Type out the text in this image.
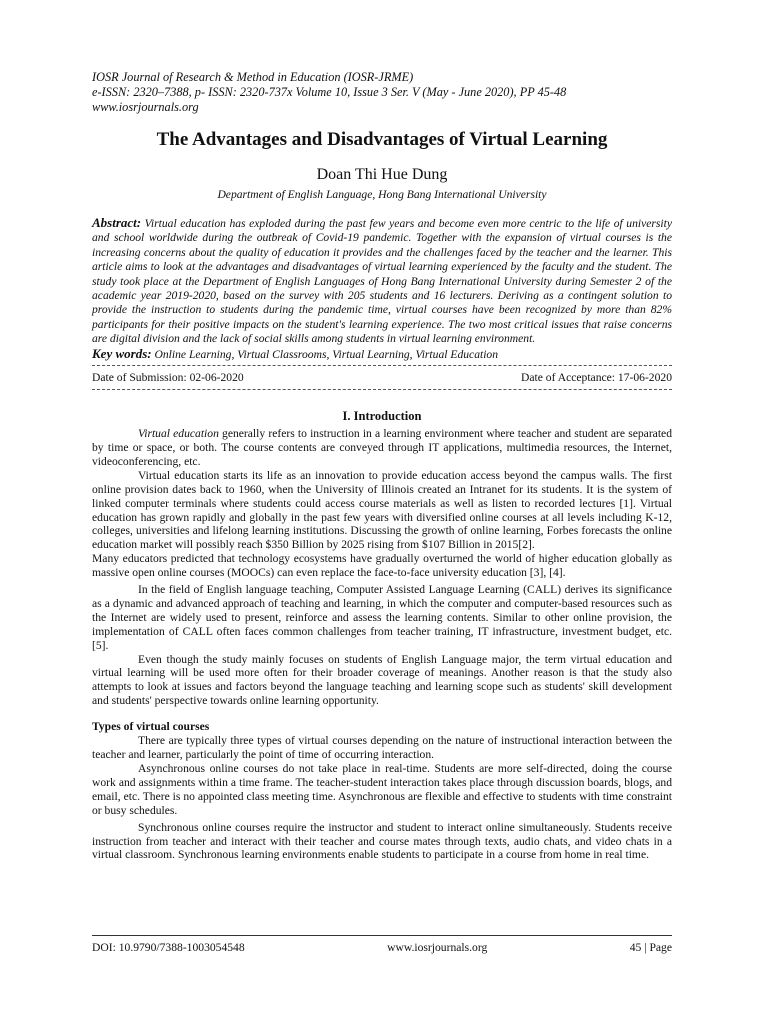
IOSR Journal of Research & Method in Education (IOSR-JRME)
e-ISSN: 2320–7388, p- ISSN: 2320-737x Volume 10, Issue 3 Ser. V (May - June 2020), PP 45-48
www.iosrjournals.org
The Advantages and Disadvantages of Virtual Learning
Doan Thi Hue Dung
Department of English Language, Hong Bang International University
Abstract: Virtual education has exploded during the past few years and become even more centric to the life of university and school worldwide during the outbreak of Covid-19 pandemic. Together with the expansion of virtual courses is the increasing concerns about the quality of education it provides and the challenges faced by the teacher and the learner. This article aims to look at the advantages and disadvantages of virtual learning experienced by the faculty and the student. The study took place at the Department of English Languages of Hong Bang International University during Semester 2 of the academic year 2019-2020, based on the survey with 205 students and 16 lecturers. Deriving as a contingent solution to provide the instruction to students during the pandemic time, virtual courses have been recognized by more than 82% participants for their positive impacts on the student's learning experience. The two most critical issues that raise concerns are digital division and the lack of social skills among students in virtual learning environment.
Key words: Online Learning, Virtual Classrooms, Virtual Learning, Virtual Education
Date of Submission: 02-06-2020	Date of Acceptance: 17-06-2020
I. Introduction

Virtual education generally refers to instruction in a learning environment where teacher and student are separated by time or space, or both. The course contents are conveyed through IT applications, multimedia resources, the Internet, videoconferencing, etc.

Virtual education starts its life as an innovation to provide education access beyond the campus walls. The first online provision dates back to 1960, when the University of Illinois created an Intranet for its students. It is the system of linked computer terminals where students could access course materials as well as listen to recorded lectures [1]. Virtual education has grown rapidly and globally in the past few years with diversified online courses at all levels including K-12, colleges, universities and lifelong learning institutions. Discussing the growth of online learning, Forbes forecasts the online education market will possibly reach $350 Billion by 2025 rising from $107 Billion in 2015[2].

Many educators predicted that technology ecosystems have gradually overturned the world of higher education globally as massive open online courses (MOOCs) can even replace the face-to-face university education [3], [4].

In the field of English language teaching, Computer Assisted Language Learning (CALL) derives its significance as a dynamic and advanced approach of teaching and learning, in which the computer and computer-based resources such as the Internet are widely used to present, reinforce and assess the learning contents. Similar to other online provision, the implementation of CALL often faces common challenges from teacher training, IT infrastructure, investment budget, etc. [5].

Even though the study mainly focuses on students of English Language major, the term virtual education and virtual learning will be used more often for their broader coverage of meanings. Another reason is that the study also attempts to look at issues and factors beyond the language teaching and learning scope such as students' skill development and students' perspective towards online learning opportunity.

Types of virtual courses

There are typically three types of virtual courses depending on the nature of instructional interaction between the teacher and learner, particularly the point of time of occurring interaction.

Asynchronous online courses do not take place in real-time. Students are more self-directed, doing the course work and assignments within a time frame. The teacher-student interaction takes place through discussion boards, blogs, and email, etc. There is no appointed class meeting time. Asynchronous are flexible and effective to students with time constraint or busy schedules.

Synchronous online courses require the instructor and student to interact online simultaneously. Students receive instruction from teacher and interact with their teacher and course mates through texts, audio chats, and video chats in a virtual classroom. Synchronous learning environments enable students to participate in a course from home in real time.

DOI: 10.9790/7388-1003054548	www.iosrjournals.org	45 | Page
